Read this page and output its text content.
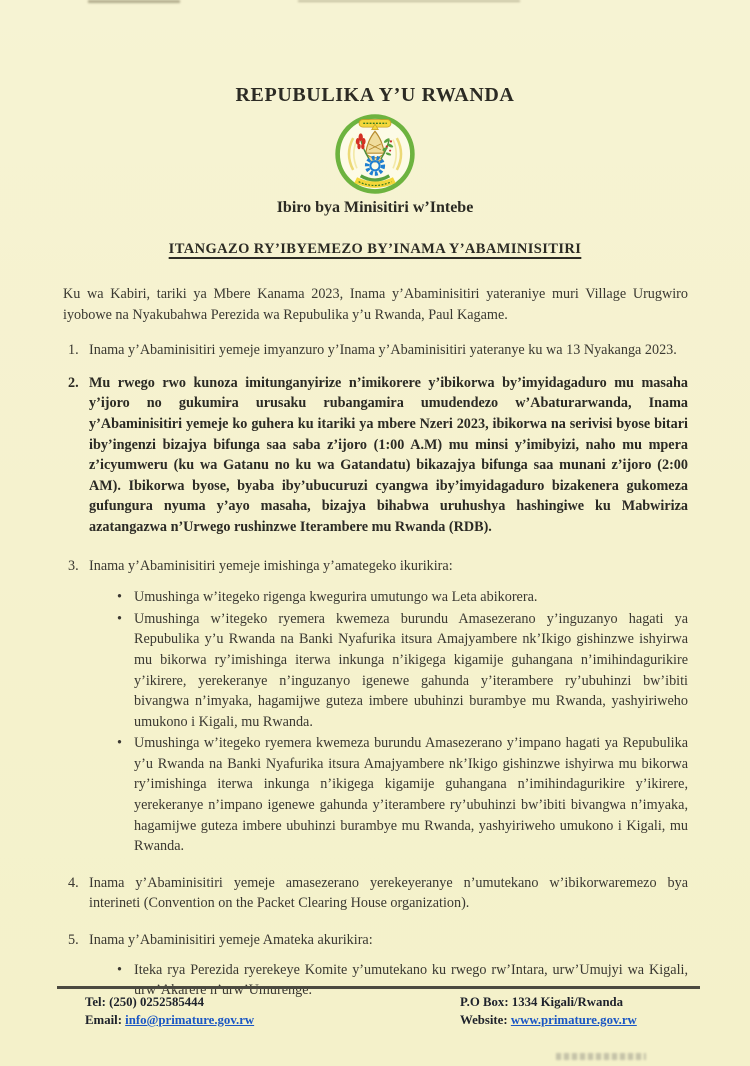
REPUBULIKA Y’U RWANDA
Ibiro bya Minisitiri w’Intebe
ITANGAZO RY’IBYEMEZO BY’INAMA Y’ABAMINISITIRI

Ku wa Kabiri, tariki ya Mbere Kanama 2023, Inama y’Abaminisitiri yateraniye muri Village Urugwiro iyobowe na Nyakubahwa Perezida wa Repubulika y’u Rwanda, Paul Kagame.

1. Inama y’Abaminisitiri yemeje imyanzuro y’Inama y’Abaminisitiri yateranye ku wa 13 Nyakanga 2023.
2. Mu rwego rwo kunoza imitunganyirize n’imikorere y’ibikorwa by’imyidagaduro mu masaha y’ijoro no gukumira urusaku rubangamira umudendezo w’Abaturarwanda, Inama y’Abaminisitiri yemeje ko guhera ku itariki ya mbere Nzeri 2023, ibikorwa na serivisi byose bitari iby’ingenzi bizajya bifunga saa saba z’ijoro (1:00 A.M) mu minsi y’imibyizi, naho mu mpera z’icyumweru (ku wa Gatanu no ku wa Gatandatu) bikazajya bifunga saa munani z’ijoro (2:00 AM). Ibikorwa byose, byaba iby’ubucuruzi cyangwa iby’imyidagaduro bizakenera gukomeza gufungura nyuma y’ayo masaha, bizajya bihabwa uruhushya hashingiwe ku Mabwiriza azatangazwa n’Urwego rushinzwe Iterambere mu Rwanda (RDB).
3. Inama y’Abaminisitiri yemeje imishinga y’amategeko ikurikira:
• Umushinga w’itegeko rigenga kwegurira umutungo wa Leta abikorera.
• Umushinga w’itegeko ryemera kwemeza burundu Amasezerano y’inguzanyo hagati ya Repubulika y’u Rwanda na Banki Nyafurika itsura Amajyambere nk’Ikigo gishinzwe ishyirwa mu bikorwa ry’imishinga iterwa inkunga n’ikigega kigamije guhangana n’imihindagurikire y’ikirere, yerekeranye n’inguzanyo igenewe gahunda y’iterambere ry’ubuhinzi bw’ibiti bivangwa n’imyaka, hagamijwe guteza imbere ubuhinzi burambye mu Rwanda, yashyiriweho umukono i Kigali, mu Rwanda.
• Umushinga w’itegeko ryemera kwemeza burundu Amasezerano y’impano hagati ya Repubulika y’u Rwanda na Banki Nyafurika itsura Amajyambere nk’Ikigo gishinzwe ishyirwa mu bikorwa ry’imishinga iterwa inkunga n’ikigega kigamije guhangana n’imihindagurikire y’ikirere, yerekeranye n’impano igenewe gahunda y’iterambere ry’ubuhinzi bw’ibiti bivangwa n’imyaka, hagamijwe guteza imbere ubuhinzi burambye mu Rwanda, yashyiriweho umukono i Kigali, mu Rwanda.
4. Inama y’Abaminisitiri yemeje amasezerano yerekeyeranye n’umutekano w’ibikorwaremezo bya interineti (Convention on the Packet Clearing House organization).
5. Inama y’Abaminisitiri yemeje Amateka akurikira:
• Iteka rya Perezida ryerekeye Komite y’umutekano ku rwego rw’Intara, urw’Umujyi wa Kigali, urw’Akarere n’urw’Umurenge.
Tel: (250) 0252585444
Email: info@primature.gov.rw
P.O Box: 1334 Kigali/Rwanda
Website: www.primature.gov.rw
